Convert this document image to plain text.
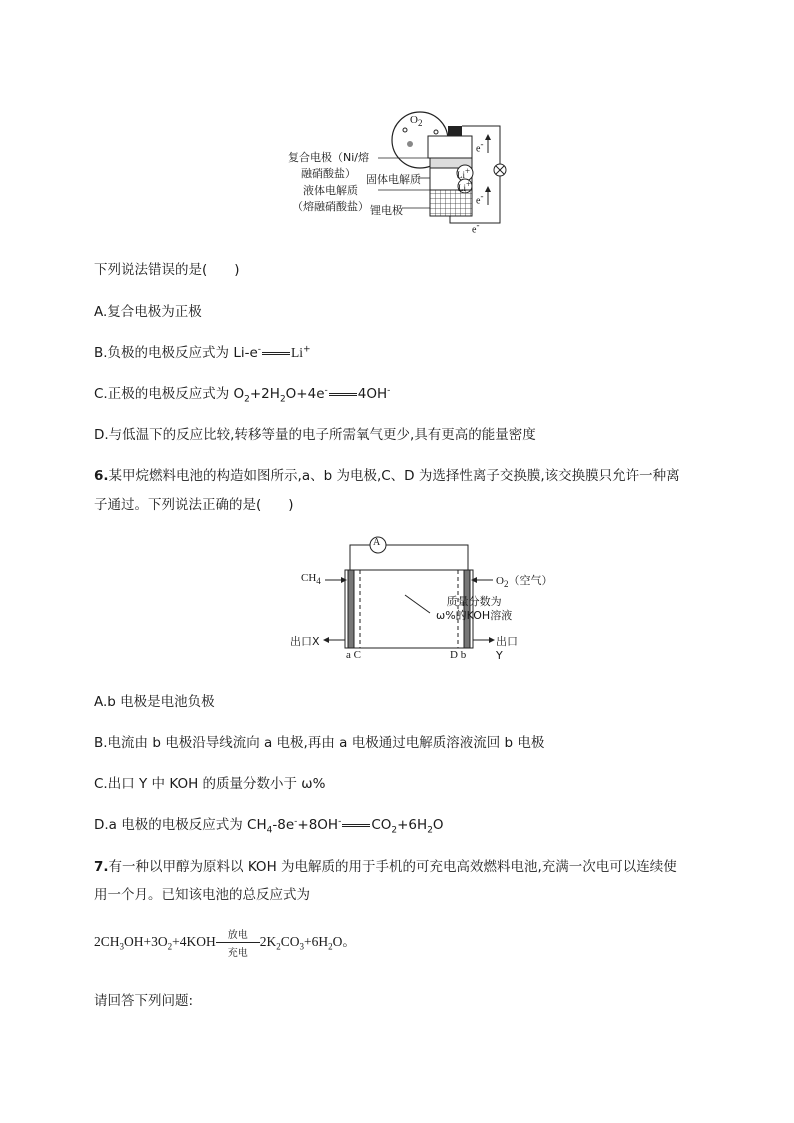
$O_2$
Li+
Li+
e-
e-
e-
复合电极（Ni/熔
融硝酸盐）
液体电解质
（熔融硝酸盐）
固体电解质
锂电极
下列说法错误的是(　　)
A.复合电极为正极
B.负极的电极反应式为 Li-e- Li+
C.正极的电极反应式为 $O_2+2H_2O+4e^-$ 4OH-
D.与低温下的反应比较,转移等量的电子所需氧气更少,具有更高的能量密度
6.某甲烷燃料电池的构造如图所示,a、b 为电极,C、D 为选择性离子交换膜,该交换膜只允许一种离
子通过。下列说法正确的是(　　)
A
$CH_4$	$O_2$（空气）
质量分数为
ω%的KOH溶液
出口X	出口Y
a C	D b
A.b 电极是电池负极
B.电流由 b 电极沿导线流向 a 电极,再由 a 电极通过电解质溶液流回 b 电极
C.出口 Y 中 KOH 的质量分数小于 ω%
D.a 电极的电极反应式为 $CH_4-8e^-+8OH^-$ $CO_2+6H_2O$
7.有一种以甲醇为原料以 KOH 为电解质的用于手机的可充电高效燃料电池,充满一次电可以连续使
用一个月。已知该电池的总反应式为
$2CH_3OH+3O_2+4KOH$	放电
充电
$2K_2CO_3+6H_2O$。
请回答下列问题:
